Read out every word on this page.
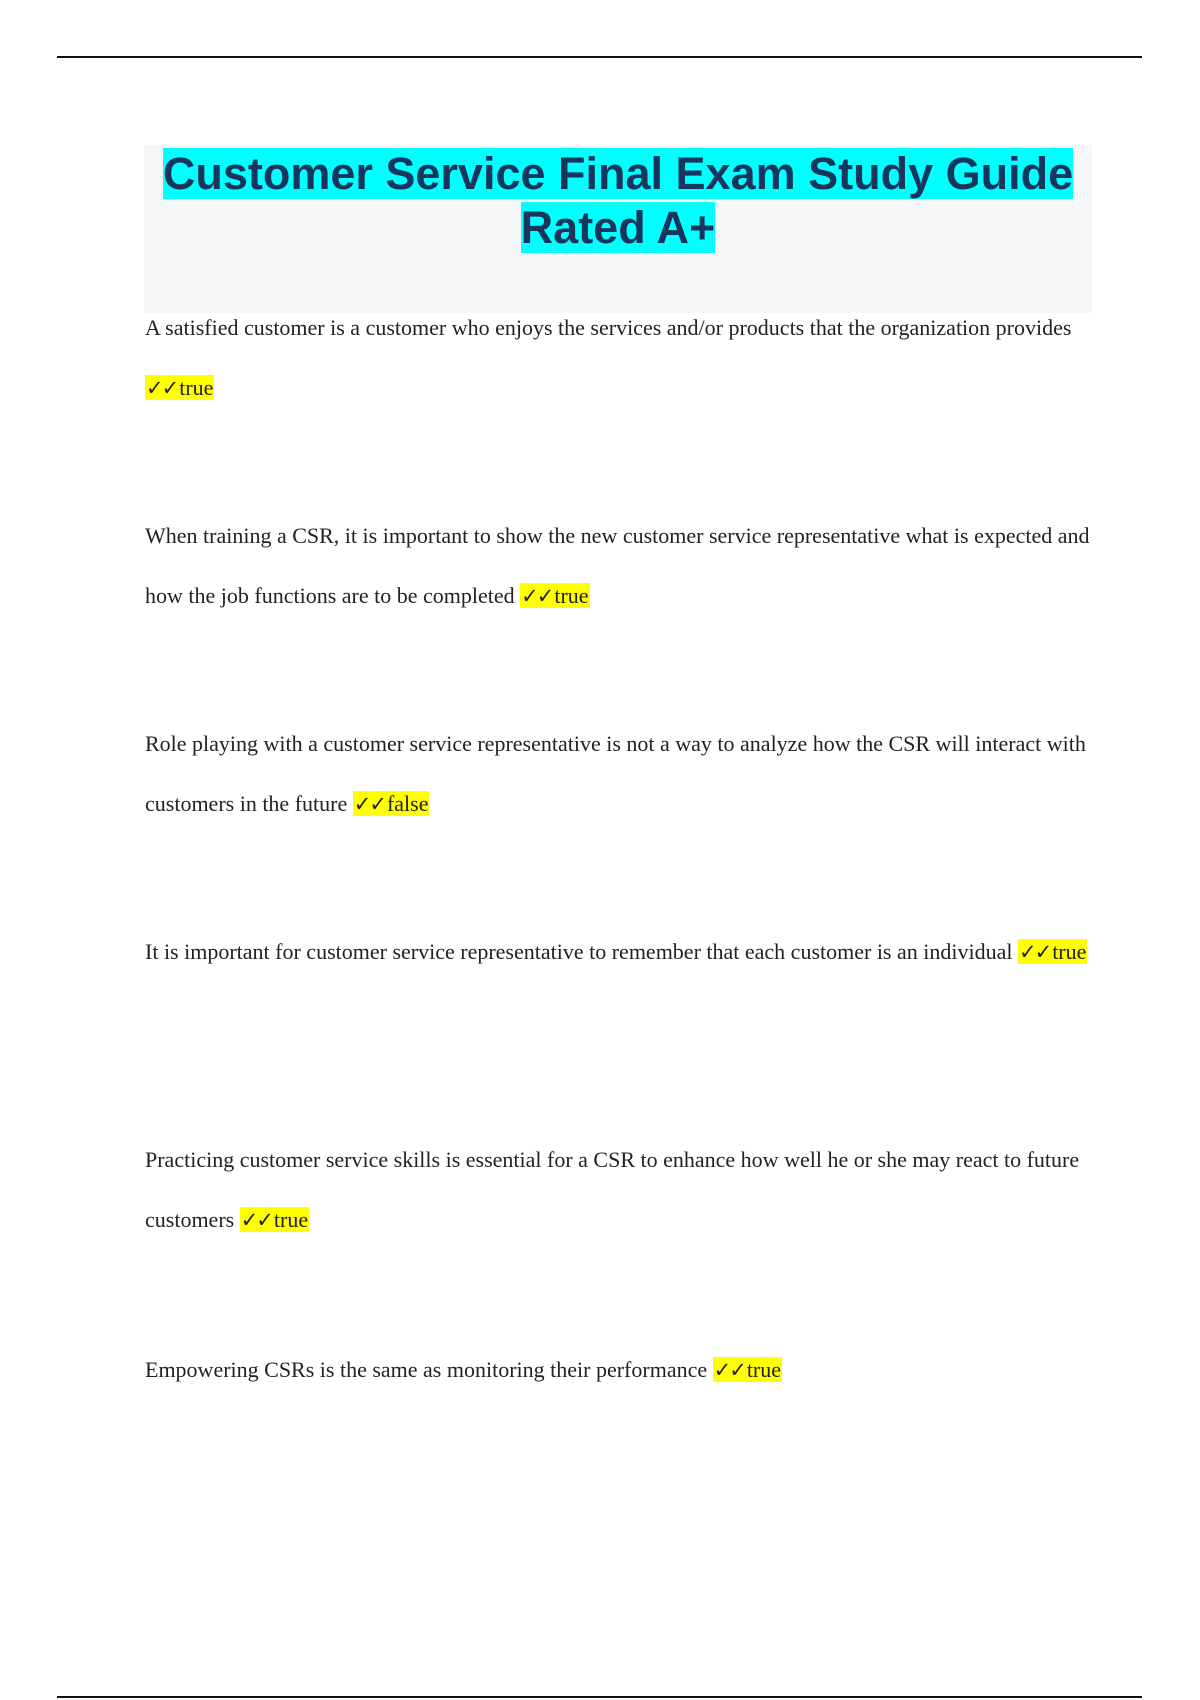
Customer Service Final Exam Study Guide Rated A+
A satisfied customer is a customer who enjoys the services and/or products that the organization provides ✓✓true
When training a CSR, it is important to show the new customer service representative what is expected and how the job functions are to be completed ✓✓true
Role playing with a customer service representative is not a way to analyze how the CSR will interact with customers in the future ✓✓false
It is important for customer service representative to remember that each customer is an individual ✓✓true
Practicing customer service skills is essential for a CSR to enhance how well he or she may react to future customers ✓✓true
Empowering CSRs is the same as monitoring their performance ✓✓true
